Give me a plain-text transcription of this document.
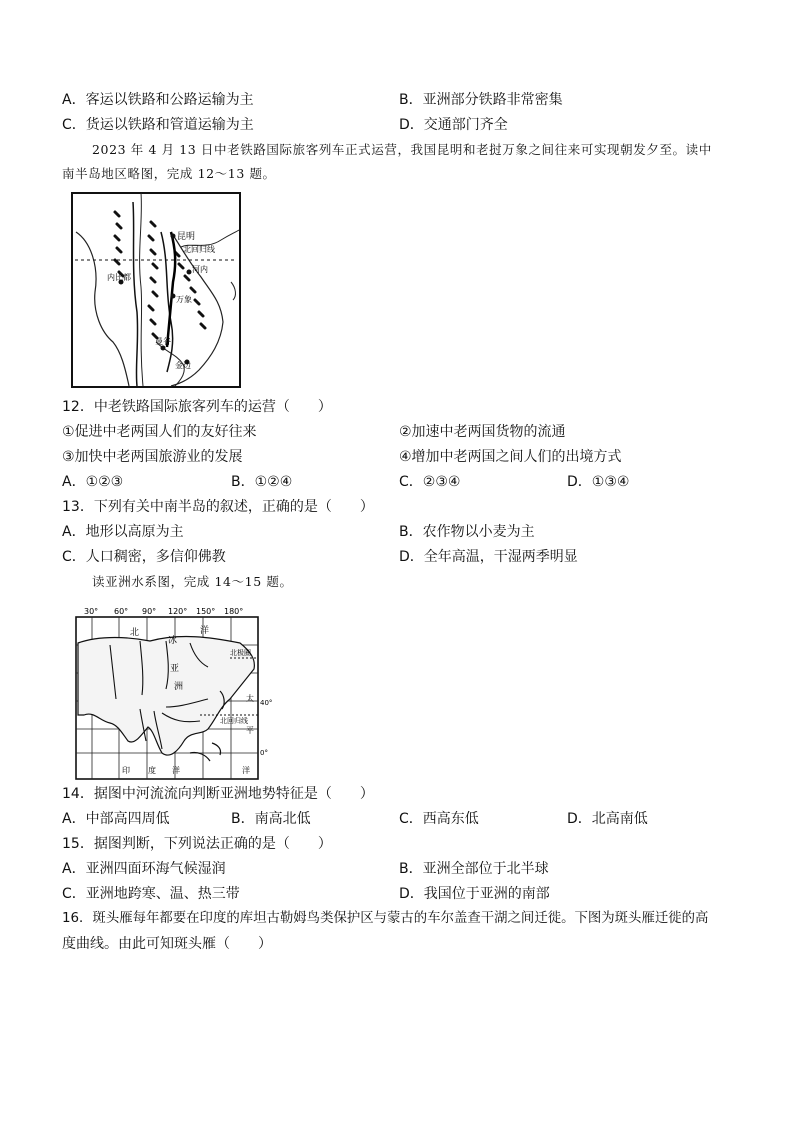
A．客运以铁路和公路运输为主	B．亚洲部分铁路非常密集
C．货运以铁路和管道运输为主	D．交通部门齐全
2023 年 4 月 13 日中老铁路国际旅客列车正式运营，我国昆明和老挝万象之间往来可实现朝发夕至。读中
南半岛地区略图，完成 12～13 题。
昆明
北回归线
河内
内比都
万象
曼谷
金边
12．中老铁路国际旅客列车的运营（　　）
①促进中老两国人们的友好往来	②加速中老两国货物的流通
③加快中老两国旅游业的发展	④增加中老两国之间人们的出境方式
A．①②③	B．①②④	C．②③④	D．①③④
13．下列有关中南半岛的叙述，正确的是（　　）
A．地形以高原为主	B．农作物以小麦为主
C．人口稠密，多信仰佛教	D．全年高温，干湿两季明显
读亚洲水系图，完成 14～15 题。
30° 60° 90° 120° 150° 180°
北
冰
洋
北极圈
亚
洲
太 40°
北回归线
平
0°
印 度 洋	洋
14．据图中河流流向判断亚洲地势特征是（　　）
A．中部高四周低	B．南高北低	C．西高东低	D．北高南低
15．据图判断，下列说法正确的是（　　）
A．亚洲四面环海气候湿润	B．亚洲全部位于北半球
C．亚洲地跨寒、温、热三带	D．我国位于亚洲的南部
16．斑头雁每年都要在印度的库坦古勒姆鸟类保护区与蒙古的车尔盖查干湖之间迁徙。下图为斑头雁迁徙的高
度曲线。由此可知斑头雁（　　）
